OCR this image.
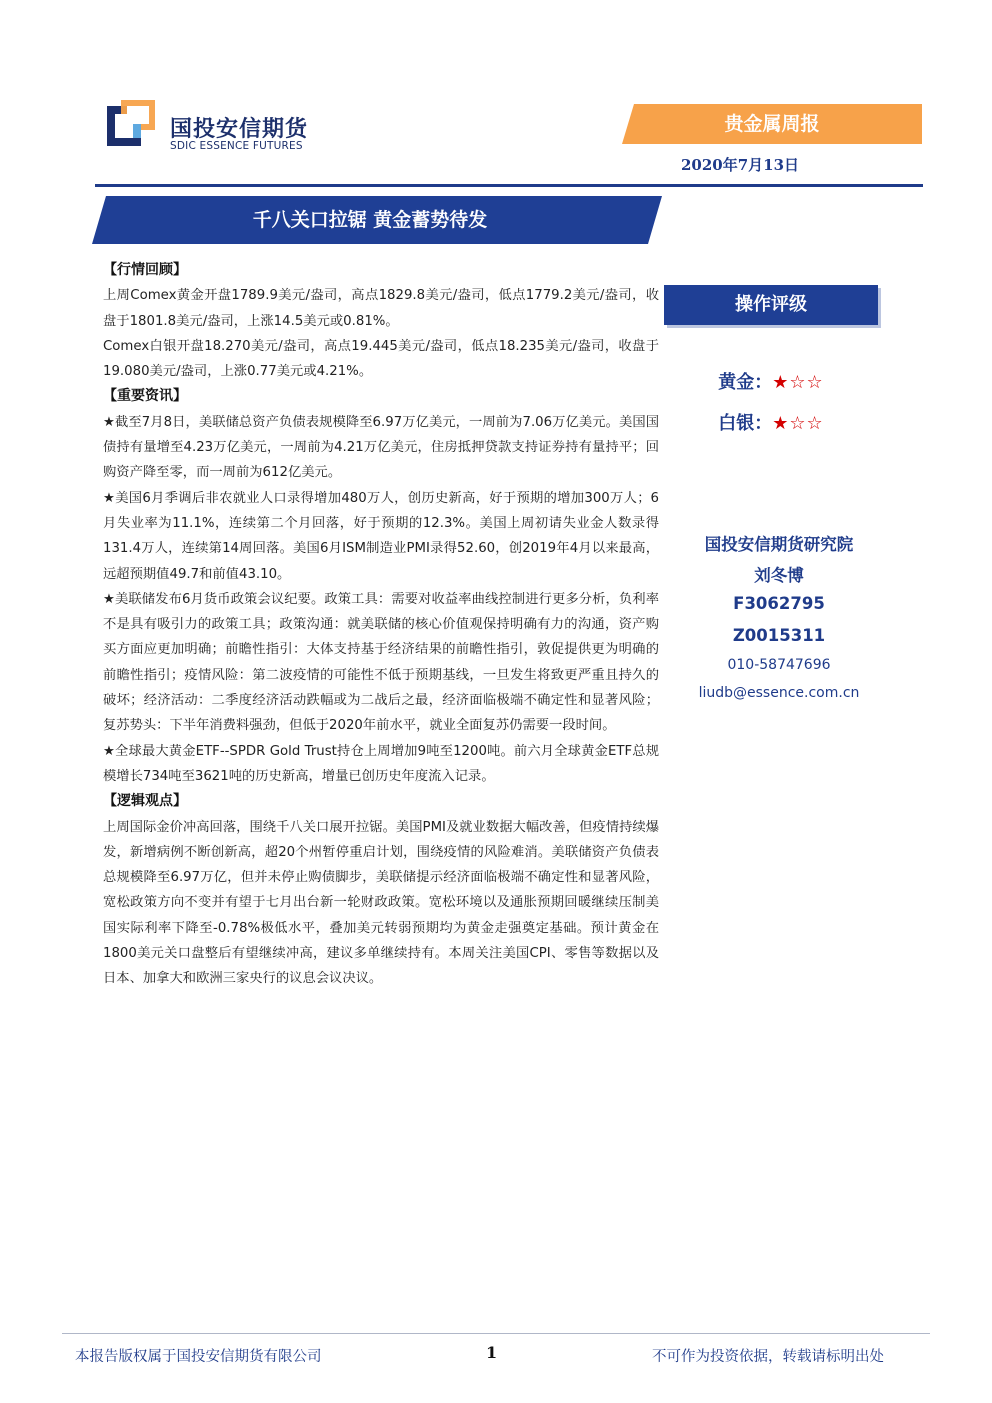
国投安信期货
SDIC ESSENCE FUTURES
贵金属周报
2020年7月13日
千八关口拉锯 黄金蓄势待发

【行情回顾】

上周Comex黄金开盘1789.9美元/盎司，高点1829.8美元/盎司，低点1779.2美元/盎司，收盘于1801.8美元/盎司，上涨14.5美元或0.81%。

Comex白银开盘18.270美元/盎司，高点19.445美元/盎司，低点18.235美元/盎司，收盘于19.080美元/盎司，上涨0.77美元或4.21%。

【重要资讯】

★截至7月8日，美联储总资产负债表规模降至6.97万亿美元，一周前为7.06万亿美元。美国国债持有量增至4.23万亿美元，一周前为4.21万亿美元，住房抵押贷款支持证券持有量持平；回购资产降至零，而一周前为612亿美元。

★美国6月季调后非农就业人口录得增加480万人，创历史新高，好于预期的增加300万人；6月失业率为11.1%，连续第二个月回落，好于预期的12.3%。美国上周初请失业金人数录得131.4万人，连续第14周回落。美国6月ISM制造业PMI录得52.60，创2019年4月以来最高，远超预期值49.7和前值43.10。

★美联储发布6月货币政策会议纪要。政策工具：需要对收益率曲线控制进行更多分析，负利率不是具有吸引力的政策工具；政策沟通：就美联储的核心价值观保持明确有力的沟通，资产购买方面应更加明确；前瞻性指引：大体支持基于经济结果的前瞻性指引，敦促提供更为明确的前瞻性指引；疫情风险：第二波疫情的可能性不低于预期基线，一旦发生将致更严重且持久的破坏；经济活动：二季度经济活动跌幅或为二战后之最，经济面临极端不确定性和显著风险；复苏势头：下半年消费料强劲，但低于2020年前水平，就业全面复苏仍需要一段时间。

★全球最大黄金ETF--SPDR Gold Trust持仓上周增加9吨至1200吨。前六月全球黄金ETF总规模增长734吨至3621吨的历史新高，增量已创历史年度流入记录。

【逻辑观点】

上周国际金价冲高回落，围绕千八关口展开拉锯。美国PMI及就业数据大幅改善，但疫情持续爆发，新增病例不断创新高，超20个州暂停重启计划，围绕疫情的风险难消。美联储资产负债表总规模降至6.97万亿，但并未停止购债脚步，美联储提示经济面临极端不确定性和显著风险，宽松政策方向不变并有望于七月出台新一轮财政政策。宽松环境以及通胀预期回暖继续压制美国实际利率下降至-0.78%极低水平，叠加美元转弱预期均为黄金走强奠定基础。预计黄金在1800美元关口盘整后有望继续冲高，建议多单继续持有。本周关注美国CPI、零售等数据以及日本、加拿大和欧洲三家央行的议息会议决议。

操作评级
黄金：★☆☆
白银：★☆☆
国投安信期货研究院
刘冬博
F3062795
Z0015311
010-58747696
liudb@essence.com.cn
本报告版权属于国投安信期货有限公司	1	不可作为投资依据，转载请标明出处
